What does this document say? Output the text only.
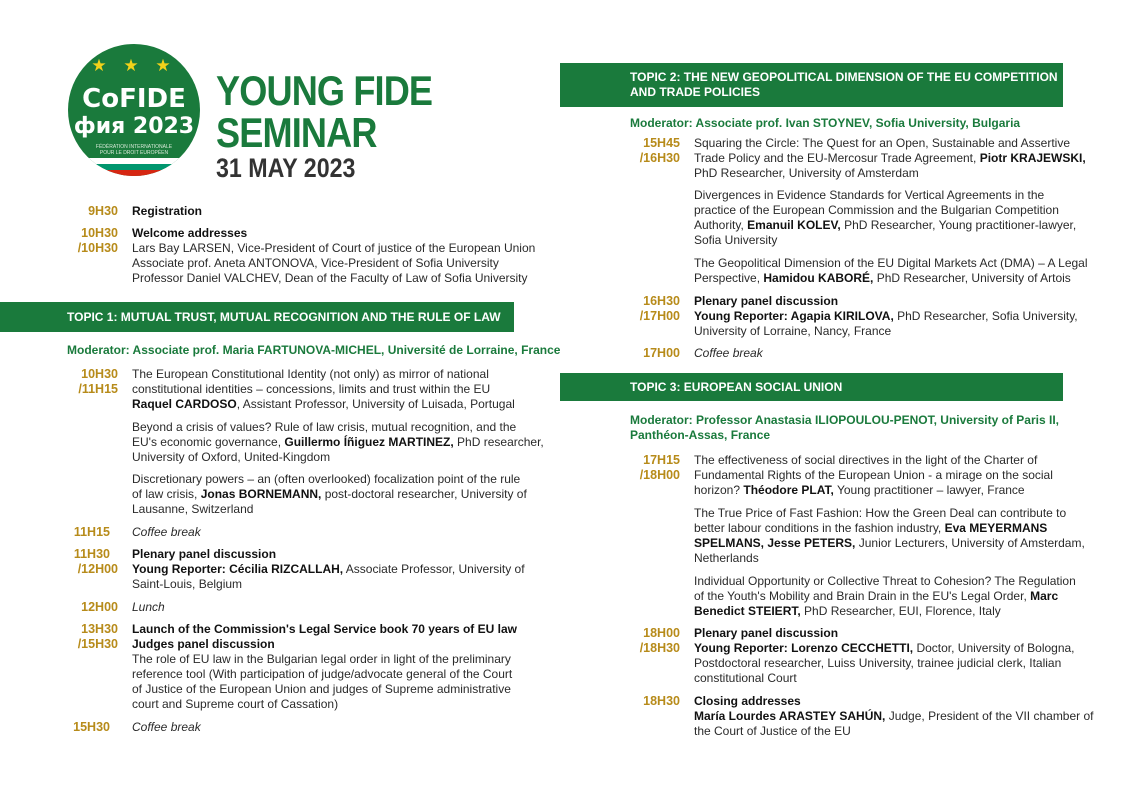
★ ★ ★
CoFIDE
фия 2023
FÉDÉRATION INTERNATIONALE POUR LE DROIT EUROPÉEN
YOUNG FIDE
SEMINAR
31 MAY 2023
9H30 Registration
10H30
/10H30
Welcome addresses
Lars Bay LARSEN, Vice-President of Court of justice of the European Union
Associate prof. Aneta ANTONOVA, Vice-President of Sofia University
Professor Daniel VALCHEV, Dean of the Faculty of Law of Sofia University
TOPIC 1: MUTUAL TRUST, MUTUAL RECOGNITION AND THE RULE OF LAW
Moderator: Associate prof. Maria FARTUNOVA-MICHEL, Université de Lorraine, France
10H30
/11H15
The European Constitutional Identity (not only) as mirror of national
constitutional identities – concessions, limits and trust within the EU
Raquel CARDOSO, Assistant Professor, University of Luisada, Portugal
Beyond a crisis of values? Rule of law crisis, mutual recognition, and the
EU's economic governance, Guillermo Íñiguez MARTINEZ, PhD researcher,
University of Oxford, United-Kingdom
Discretionary powers – an (often overlooked) focalization point of the rule
of law crisis, Jonas BORNEMANN, post-doctoral researcher, University of
Lausanne, Switzerland
11H15 Coffee break
11H30
/12H00
Plenary panel discussion
Young Reporter: Cécilia RIZCALLAH, Associate Professor, University of
Saint-Louis, Belgium
12H00 Lunch
13H30
/15H30
Launch of the Commission's Legal Service book 70 years of EU law
Judges panel discussion
The role of EU law in the Bulgarian legal order in light of the preliminary
reference tool (With participation of judge/advocate general of the Court
of Justice of the European Union and judges of Supreme administrative
court and Supreme court of Cassation)
15H30 Coffee break
TOPIC 2: THE NEW GEOPOLITICAL DIMENSION OF THE EU COMPETITION
AND TRADE POLICIES
Moderator: Associate prof. Ivan STOYNEV, Sofia University, Bulgaria
15H45
/16H30
Squaring the Circle: The Quest for an Open, Sustainable and Assertive
Trade Policy and the EU-Mercosur Trade Agreement, Piotr KRAJEWSKI,
PhD Researcher, University of Amsterdam
Divergences in Evidence Standards for Vertical Agreements in the
practice of the European Commission and the Bulgarian Competition
Authority, Emanuil KOLEV, PhD Researcher, Young practitioner-lawyer,
Sofia University
The Geopolitical Dimension of the EU Digital Markets Act (DMA) – A Legal
Perspective, Hamidou KABORÉ, PhD Researcher, University of Artois
16H30
/17H00
Plenary panel discussion
Young Reporter: Agapia KIRILOVA, PhD Researcher, Sofia University,
University of Lorraine, Nancy, France
17H00 Coffee break
TOPIC 3: EUROPEAN SOCIAL UNION
Moderator: Professor Anastasia ILIOPOULOU-PENOT, University of Paris II,
Panthéon-Assas, France
17H15
/18H00
The effectiveness of social directives in the light of the Charter of
Fundamental Rights of the European Union - a mirage on the social
horizon? Théodore PLAT, Young practitioner – lawyer, France
The True Price of Fast Fashion: How the Green Deal can contribute to
better labour conditions in the fashion industry, Eva MEYERMANS
SPELMANS, Jesse PETERS, Junior Lecturers, University of Amsterdam,
Netherlands
Individual Opportunity or Collective Threat to Cohesion? The Regulation
of the Youth's Mobility and Brain Drain in the EU's Legal Order, Marc
Benedict STEIERT, PhD Researcher, EUI, Florence, Italy
18H00
/18H30
Plenary panel discussion
Young Reporter: Lorenzo CECCHETTI, Doctor, University of Bologna,
Postdoctoral researcher, Luiss University, trainee judicial clerk, Italian
constitutional Court
18H30 Closing addresses
María Lourdes ARASTEY SAHÚN, Judge, President of the VII chamber of
the Court of Justice of the EU
